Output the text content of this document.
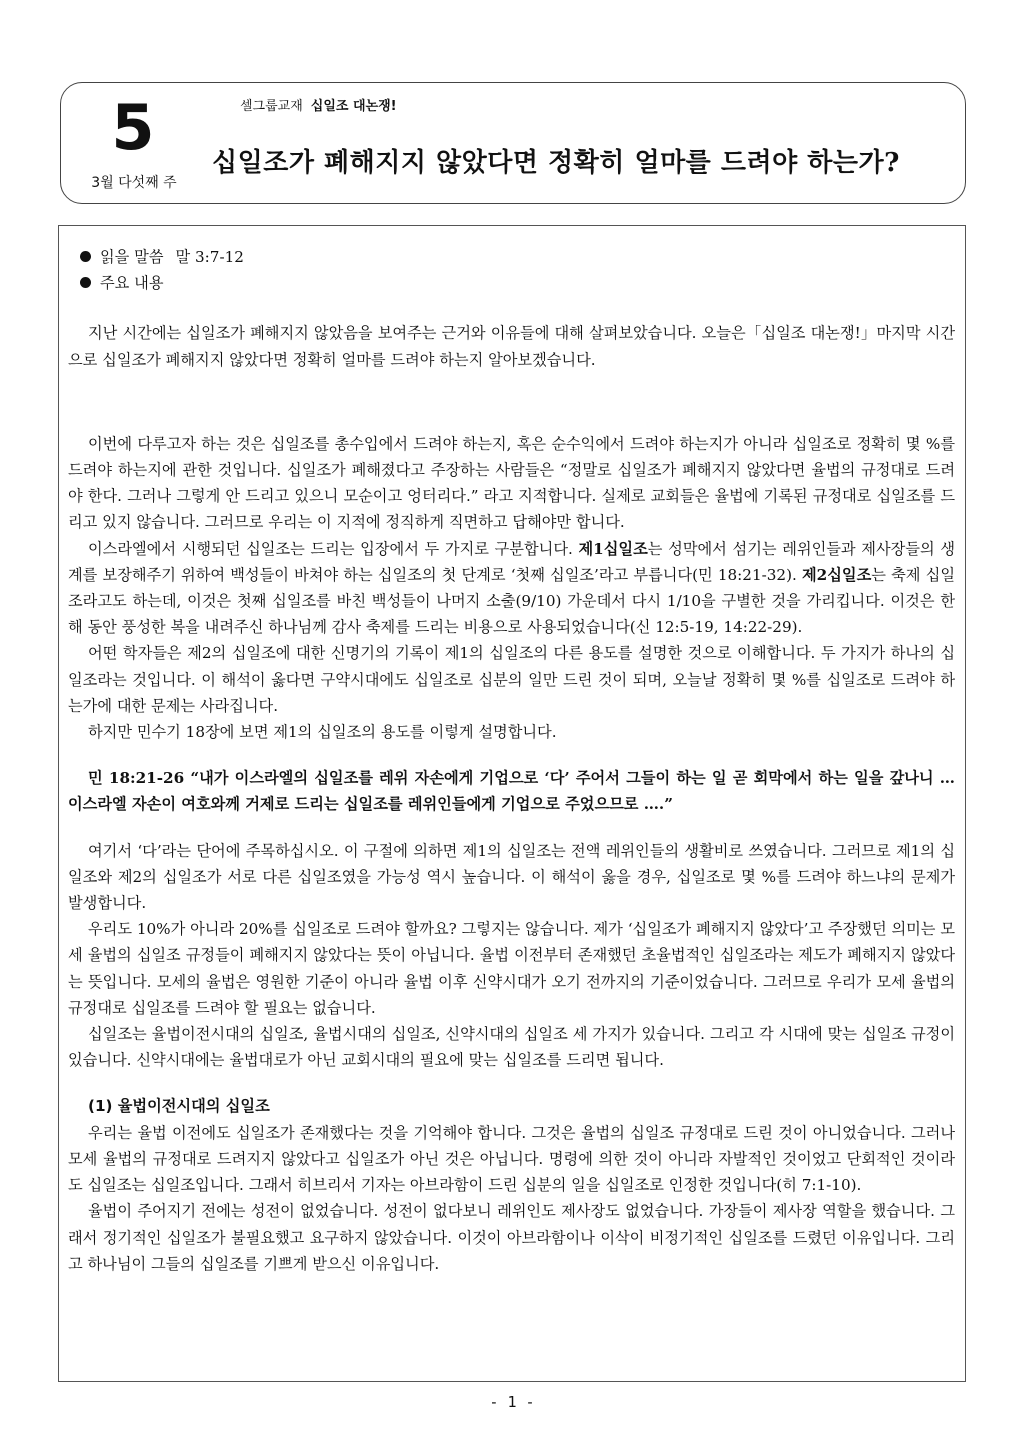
5
3월 다섯째 주
셀그룹교재 십일조 대논쟁!
십일조가 폐해지지 않았다면 정확히 얼마를 드려야 하는가?
읽을 말씀 말 3:7-12
주요 내용

지난 시간에는 십일조가 폐해지지 않았음을 보여주는 근거와 이유들에 대해 살펴보았습니다. 오늘은「십일조 대논쟁!」마지막 시간으로 십일조가 폐해지지 않았다면 정확히 얼마를 드려야 하는지 알아보겠습니다.

이번에 다루고자 하는 것은 십일조를 총수입에서 드려야 하는지, 혹은 순수익에서 드려야 하는지가 아니라 십일조로 정확히 몇 %를 드려야 하는지에 관한 것입니다. 십일조가 폐해졌다고 주장하는 사람들은 “정말로 십일조가 폐해지지 않았다면 율법의 규정대로 드려야 한다. 그러나 그렇게 안 드리고 있으니 모순이고 엉터리다.” 라고 지적합니다. 실제로 교회들은 율법에 기록된 규정대로 십일조를 드리고 있지 않습니다. 그러므로 우리는 이 지적에 정직하게 직면하고 답해야만 합니다.

이스라엘에서 시행되던 십일조는 드리는 입장에서 두 가지로 구분합니다. 제1십일조는 성막에서 섬기는 레위인들과 제사장들의 생계를 보장해주기 위하여 백성들이 바쳐야 하는 십일조의 첫 단계로 ‘첫째 십일조’라고 부릅니다(민 18:21-32). 제2십일조는 축제 십일조라고도 하는데, 이것은 첫째 십일조를 바친 백성들이 나머지 소출(9/10) 가운데서 다시 1/10을 구별한 것을 가리킵니다. 이것은 한 해 동안 풍성한 복을 내려주신 하나님께 감사 축제를 드리는 비용으로 사용되었습니다(신 12:5-19, 14:22-29).

어떤 학자들은 제2의 십일조에 대한 신명기의 기록이 제1의 십일조의 다른 용도를 설명한 것으로 이해합니다. 두 가지가 하나의 십일조라는 것입니다. 이 해석이 옳다면 구약시대에도 십일조로 십분의 일만 드린 것이 되며, 오늘날 정확히 몇 %를 십일조로 드려야 하는가에 대한 문제는 사라집니다.

하지만 민수기 18장에 보면 제1의 십일조의 용도를 이렇게 설명합니다.

민 18:21-26 “내가 이스라엘의 십일조를 레위 자손에게 기업으로 ‘다’ 주어서 그들이 하는 일 곧 회막에서 하는 일을 갚나니 … 이스라엘 자손이 여호와께 거제로 드리는 십일조를 레위인들에게 기업으로 주었으므로 ….”

여기서 ‘다’라는 단어에 주목하십시오. 이 구절에 의하면 제1의 십일조는 전액 레위인들의 생활비로 쓰였습니다. 그러므로 제1의 십일조와 제2의 십일조가 서로 다른 십일조였을 가능성 역시 높습니다. 이 해석이 옳을 경우, 십일조로 몇 %를 드려야 하느냐의 문제가 발생합니다.

우리도 10%가 아니라 20%를 십일조로 드려야 할까요? 그렇지는 않습니다. 제가 ‘십일조가 폐해지지 않았다’고 주장했던 의미는 모세 율법의 십일조 규정들이 폐해지지 않았다는 뜻이 아닙니다. 율법 이전부터 존재했던 초율법적인 십일조라는 제도가 폐해지지 않았다는 뜻입니다. 모세의 율법은 영원한 기준이 아니라 율법 이후 신약시대가 오기 전까지의 기준이었습니다. 그러므로 우리가 모세 율법의 규정대로 십일조를 드려야 할 필요는 없습니다.

십일조는 율법이전시대의 십일조, 율법시대의 십일조, 신약시대의 십일조 세 가지가 있습니다. 그리고 각 시대에 맞는 십일조 규정이 있습니다. 신약시대에는 율법대로가 아닌 교회시대의 필요에 맞는 십일조를 드리면 됩니다.

(1) 율법이전시대의 십일조

우리는 율법 이전에도 십일조가 존재했다는 것을 기억해야 합니다. 그것은 율법의 십일조 규정대로 드린 것이 아니었습니다. 그러나 모세 율법의 규정대로 드려지지 않았다고 십일조가 아닌 것은 아닙니다. 명령에 의한 것이 아니라 자발적인 것이었고 단회적인 것이라도 십일조는 십일조입니다. 그래서 히브리서 기자는 아브라함이 드린 십분의 일을 십일조로 인정한 것입니다(히 7:1-10).

율법이 주어지기 전에는 성전이 없었습니다. 성전이 없다보니 레위인도 제사장도 없었습니다. 가장들이 제사장 역할을 했습니다. 그래서 정기적인 십일조가 불필요했고 요구하지 않았습니다. 이것이 아브라함이나 이삭이 비정기적인 십일조를 드렸던 이유입니다. 그리고 하나님이 그들의 십일조를 기쁘게 받으신 이유입니다.

- 1 -
